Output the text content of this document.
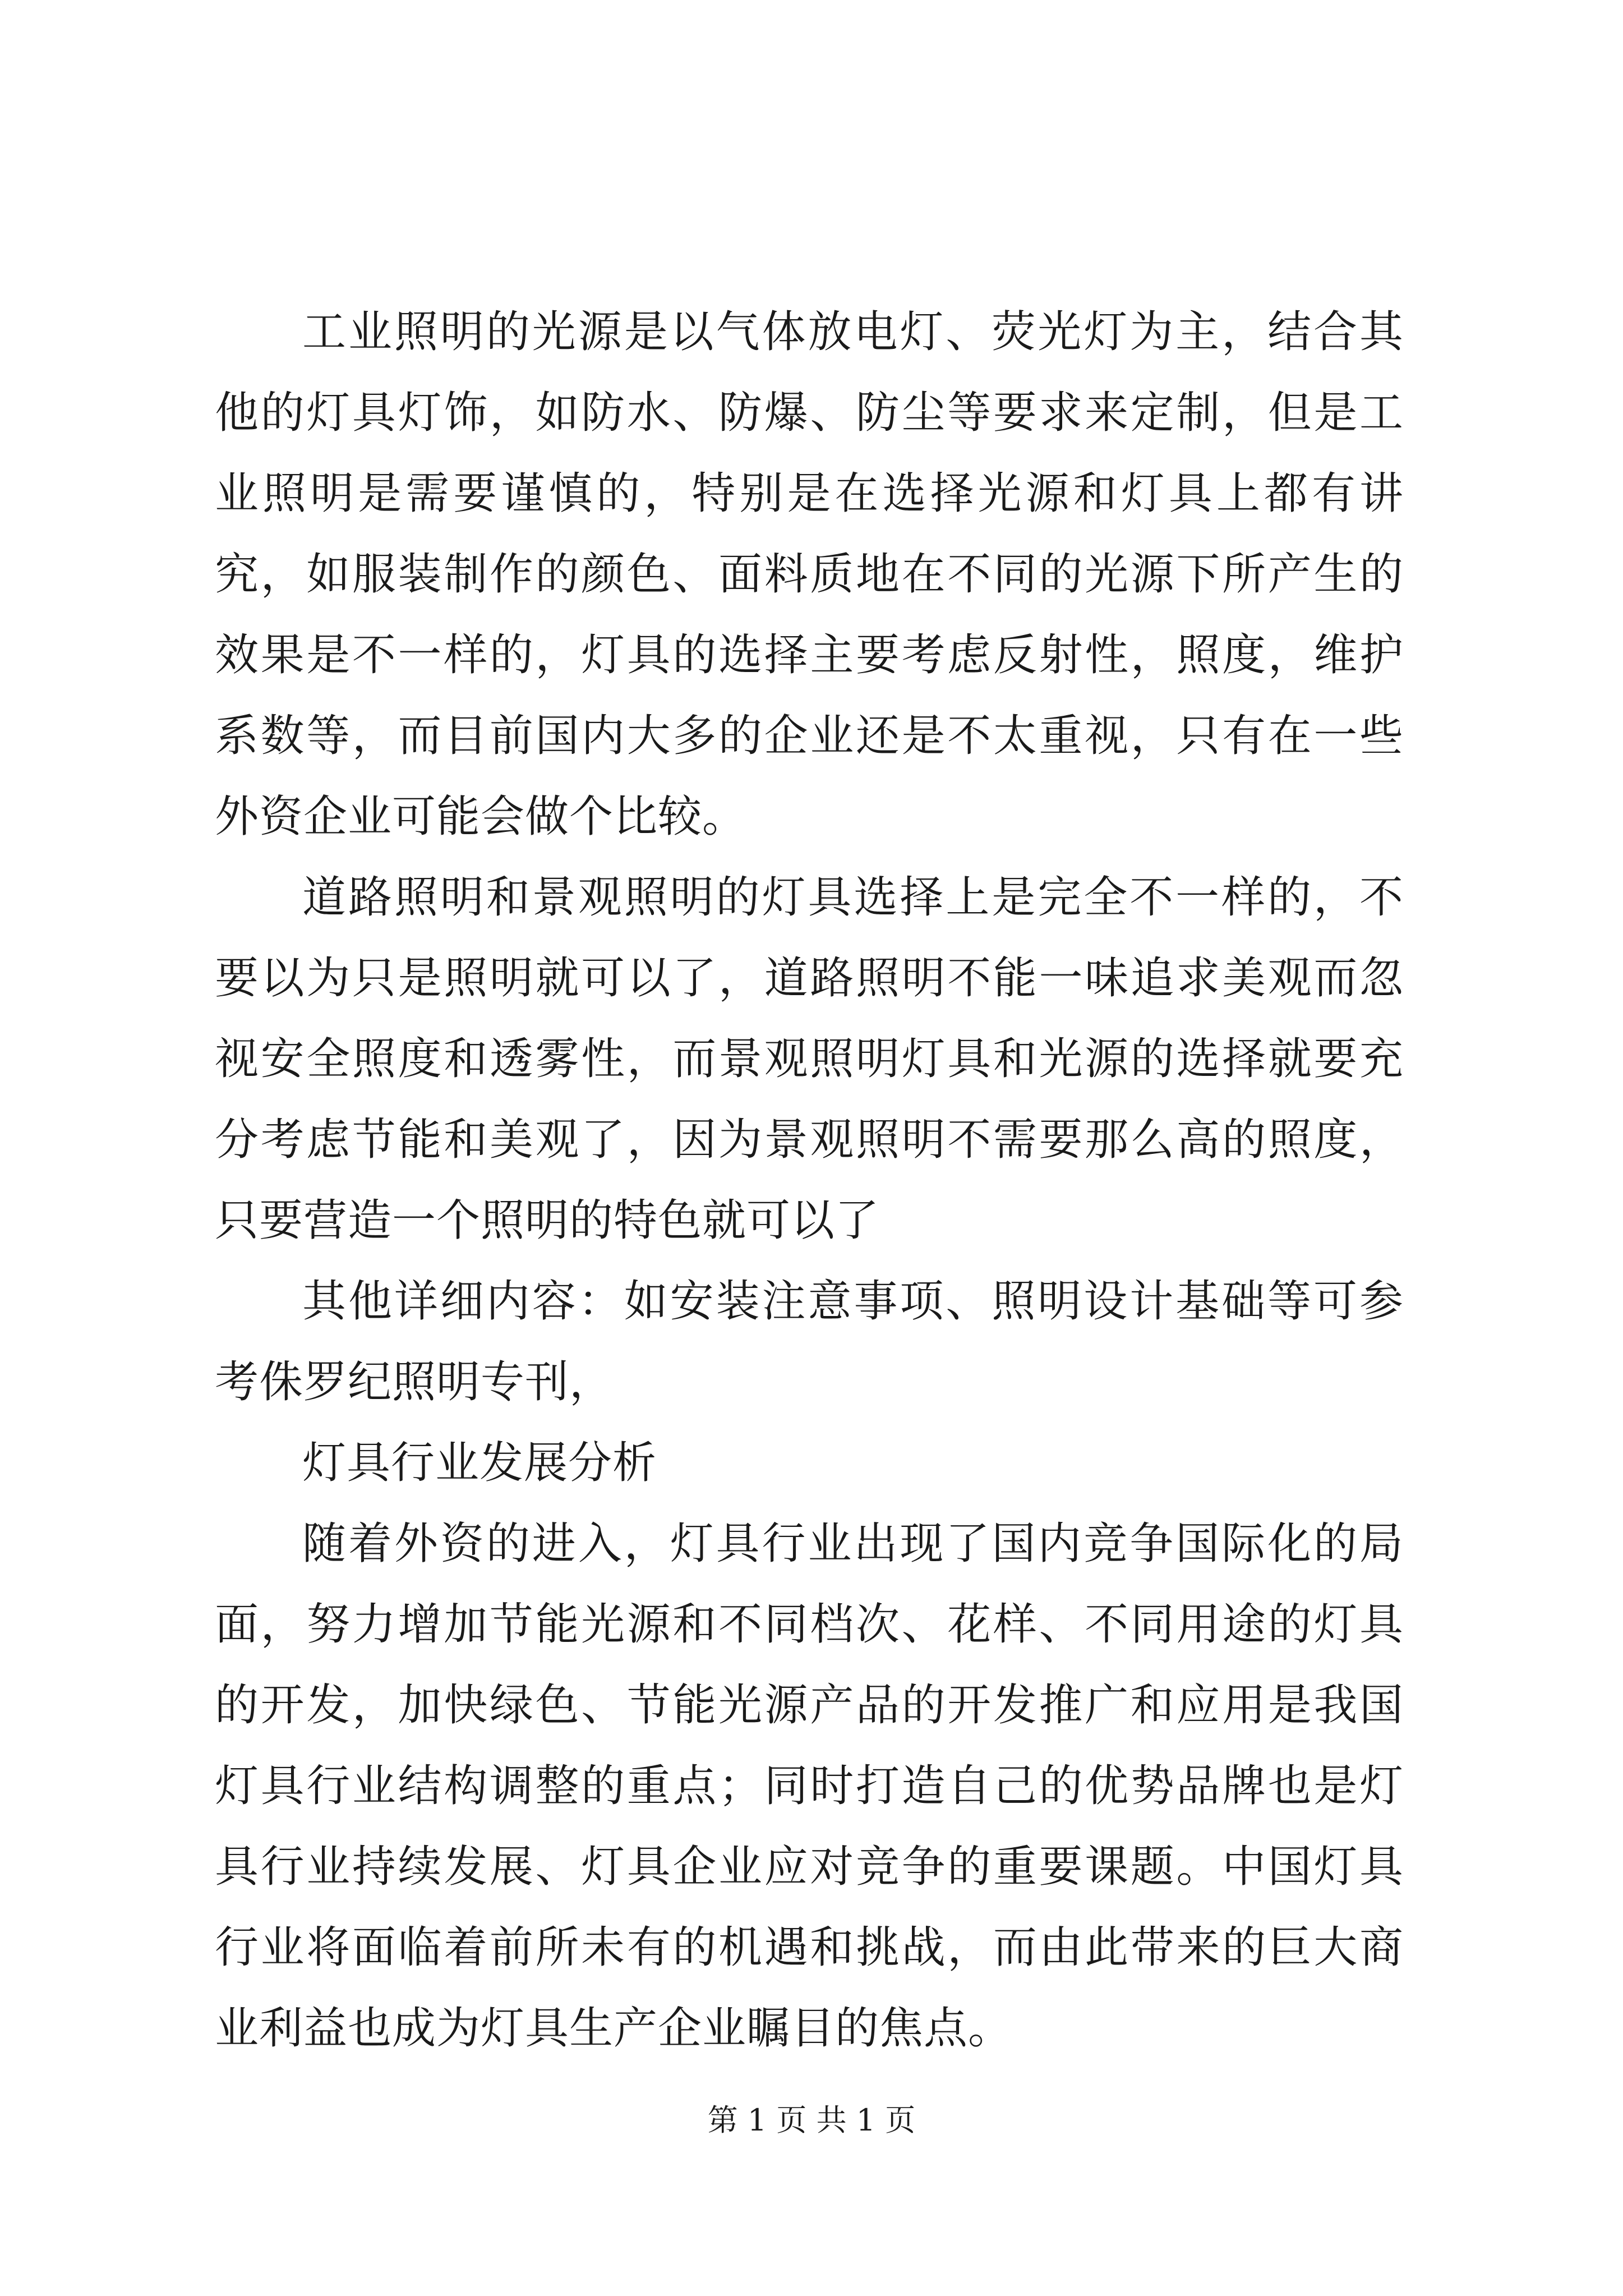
工业照明的光源是以气体放电灯、荧光灯为主，结合其他的灯具灯饰，如防水、防爆、防尘等要求来定制，但是工业照明是需要谨慎的，特别是在选择光源和灯具上都有讲究，如服装制作的颜色、面料质地在不同的光源下所产生的效果是不一样的，灯具的选择主要考虑反射性，照度，维护系数等，而目前国内大多的企业还是不太重视，只有在一些外资企业可能会做个比较。

道路照明和景观照明的灯具选择上是完全不一样的，不要以为只是照明就可以了，道路照明不能一味追求美观而忽视安全照度和透雾性，而景观照明灯具和光源的选择就要充分考虑节能和美观了，因为景观照明不需要那么高的照度，只要营造一个照明的特色就可以了

其他详细内容：如安装注意事项、照明设计基础等可参考侏罗纪照明专刊，

灯具行业发展分析

随着外资的进入，灯具行业出现了国内竞争国际化的局面，努力增加节能光源和不同档次、花样、不同用途的灯具的开发，加快绿色、节能光源产品的开发推广和应用是我国灯具行业结构调整的重点；同时打造自己的优势品牌也是灯具行业持续发展、灯具企业应对竞争的重要课题。中国灯具行业将面临着前所未有的机遇和挑战，而由此带来的巨大商业利益也成为灯具生产企业瞩目的焦点。

第 1 页 共 1 页
